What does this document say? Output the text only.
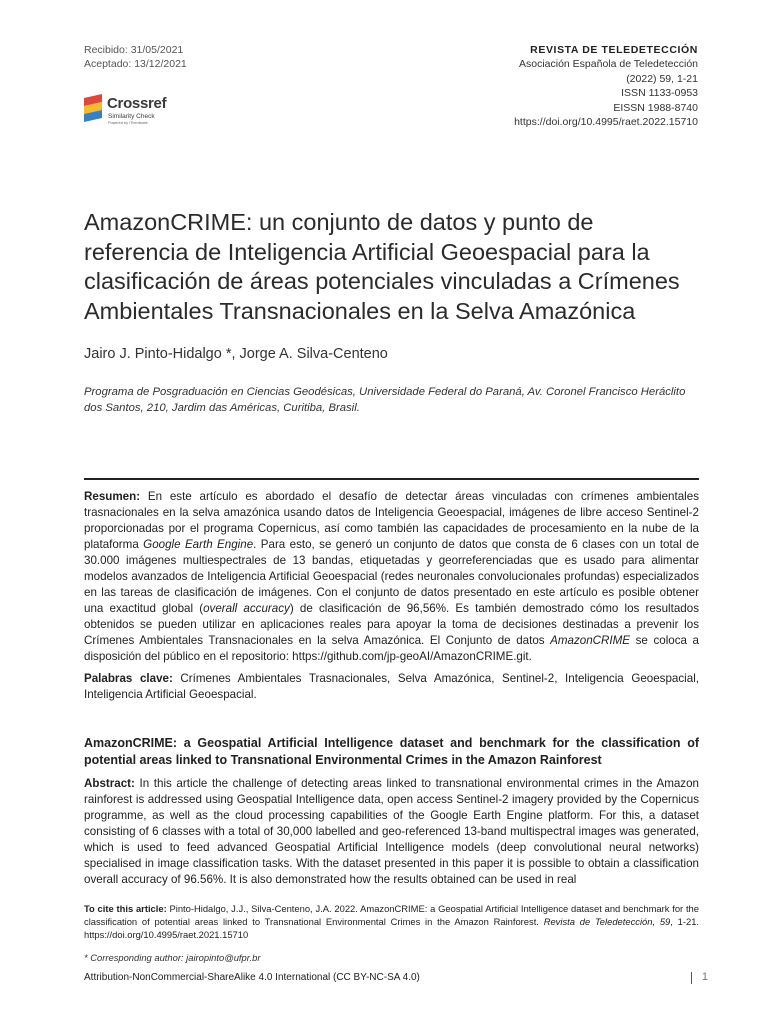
Recibido: 31/05/2021
Aceptado: 13/12/2021
REVISTA DE TELEDETECCIÓN
Asociación Española de Teledetección
(2022) 59, 1-21
ISSN 1133-0953
EISSN 1988-8740
https://doi.org/10.4995/raet.2022.15710
Crossref
Similarity Check
Powered by iThenticate
AmazonCRIME: un conjunto de datos y punto de referencia de Inteligencia Artificial Geoespacial para la clasificación de áreas potenciales vinculadas a Crímenes Ambientales Transnacionales en la Selva Amazónica
Jairo J. Pinto-Hidalgo *, Jorge A. Silva-Centeno
Programa de Posgraduación en Ciencias Geodésicas, Universidade Federal do Paraná, Av. Coronel Francisco Heráclito dos Santos, 210, Jardim das Américas, Curitiba, Brasil.
Resumen: En este artículo es abordado el desafío de detectar áreas vinculadas con crímenes ambientales trasnacionales en la selva amazónica usando datos de Inteligencia Geoespacial, imágenes de libre acceso Sentinel-2 proporcionadas por el programa Copernicus, así como también las capacidades de procesamiento en la nube de la plataforma Google Earth Engine. Para esto, se generó un conjunto de datos que consta de 6 clases con un total de 30.000 imágenes multiespectrales de 13 bandas, etiquetadas y georreferenciadas que es usado para alimentar modelos avanzados de Inteligencia Artificial Geoespacial (redes neuronales convolucionales profundas) especializados en las tareas de clasificación de imágenes. Con el conjunto de datos presentado en este artículo es posible obtener una exactitud global (overall accuracy) de clasificación de 96,56%. Es también demostrado cómo los resultados obtenidos se pueden utilizar en aplicaciones reales para apoyar la toma de decisiones destinadas a prevenir los Crímenes Ambientales Transnacionales en la selva Amazónica. El Conjunto de datos AmazonCRIME se coloca a disposición del público en el repositorio: https://github.com/jp-geoAI/AmazonCRIME.git.
Palabras clave: Crímenes Ambientales Trasnacionales, Selva Amazónica, Sentinel-2, Inteligencia Geoespacial, Inteligencia Artificial Geoespacial.
AmazonCRIME: a Geospatial Artificial Intelligence dataset and benchmark for the classification of potential areas linked to Transnational Environmental Crimes in the Amazon Rainforest
Abstract: In this article the challenge of detecting areas linked to transnational environmental crimes in the Amazon rainforest is addressed using Geospatial Intelligence data, open access Sentinel-2 imagery provided by the Copernicus programme, as well as the cloud processing capabilities of the Google Earth Engine platform. For this, a dataset consisting of 6 classes with a total of 30,000 labelled and geo-referenced 13-band multispectral images was generated, which is used to feed advanced Geospatial Artificial Intelligence models (deep convolutional neural networks) specialised in image classification tasks. With the dataset presented in this paper it is possible to obtain a classification overall accuracy of 96.56%. It is also demonstrated how the results obtained can be used in real
To cite this article: Pinto-Hidalgo, J.J., Silva-Centeno, J.A. 2022. AmazonCRIME: a Geospatial Artificial Intelligence dataset and benchmark for the classification of potential areas linked to Transnational Environmental Crimes in the Amazon Rainforest. Revista de Teledetección, 59, 1-21. https://doi.org/10.4995/raet.2021.15710
* Corresponding author: jairopinto@ufpr.br
Attribution-NonCommercial-ShareAlike 4.0 International (CC BY-NC-SA 4.0)	1
